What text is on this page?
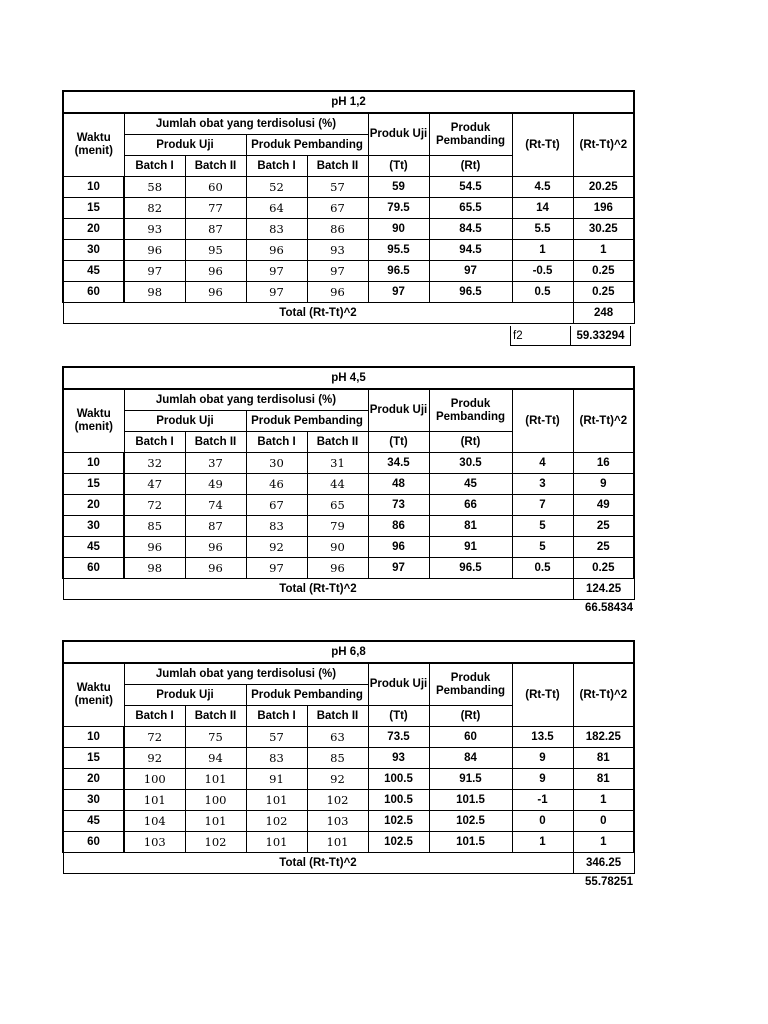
pH 1,2								
Waktu (menit)	Jumlah obat yang terdisolusi (%)				Produk Uji	Produk Pembanding	(Rt-Tt)	(Rt-Tt)^2
	Produk Uji		Produk Pembanding					
	Batch I	Batch II	Batch I	Batch II	(Tt)	(Rt)		
10	58	60	52	57	59	54.5	4.5	20.25
15	82	77	64	67	79.5	65.5	14	196
20	93	87	83	86	90	84.5	5.5	30.25
30	96	95	96	93	95.5	94.5	1	1
45	97	96	97	97	96.5	97	-0.5	0.25
60	98	96	97	96	97	96.5	0.5	0.25
Total (Rt-Tt)^2								248
f2	59.33294
pH 4,5								
Waktu (menit)	Jumlah obat yang terdisolusi (%)				Produk Uji	Produk Pembanding	(Rt-Tt)	(Rt-Tt)^2
	Produk Uji		Produk Pembanding					
	Batch I	Batch II	Batch I	Batch II	(Tt)	(Rt)		
10	32	37	30	31	34.5	30.5	4	16
15	47	49	46	44	48	45	3	9
20	72	74	67	65	73	66	7	49
30	85	87	83	79	86	81	5	25
45	96	96	92	90	96	91	5	25
60	98	96	97	96	97	96.5	0.5	0.25
Total (Rt-Tt)^2								124.25
66.58434
pH 6,8								
Waktu (menit)	Jumlah obat yang terdisolusi (%)				Produk Uji	Produk Pembanding	(Rt-Tt)	(Rt-Tt)^2
	Produk Uji		Produk Pembanding					
	Batch I	Batch II	Batch I	Batch II	(Tt)	(Rt)		
10	72	75	57	63	73.5	60	13.5	182.25
15	92	94	83	85	93	84	9	81
20	100	101	91	92	100.5	91.5	9	81
30	101	100	101	102	100.5	101.5	-1	1
45	104	101	102	103	102.5	102.5	0	0
60	103	102	101	101	102.5	101.5	1	1
Total (Rt-Tt)^2								346.25
55.78251
